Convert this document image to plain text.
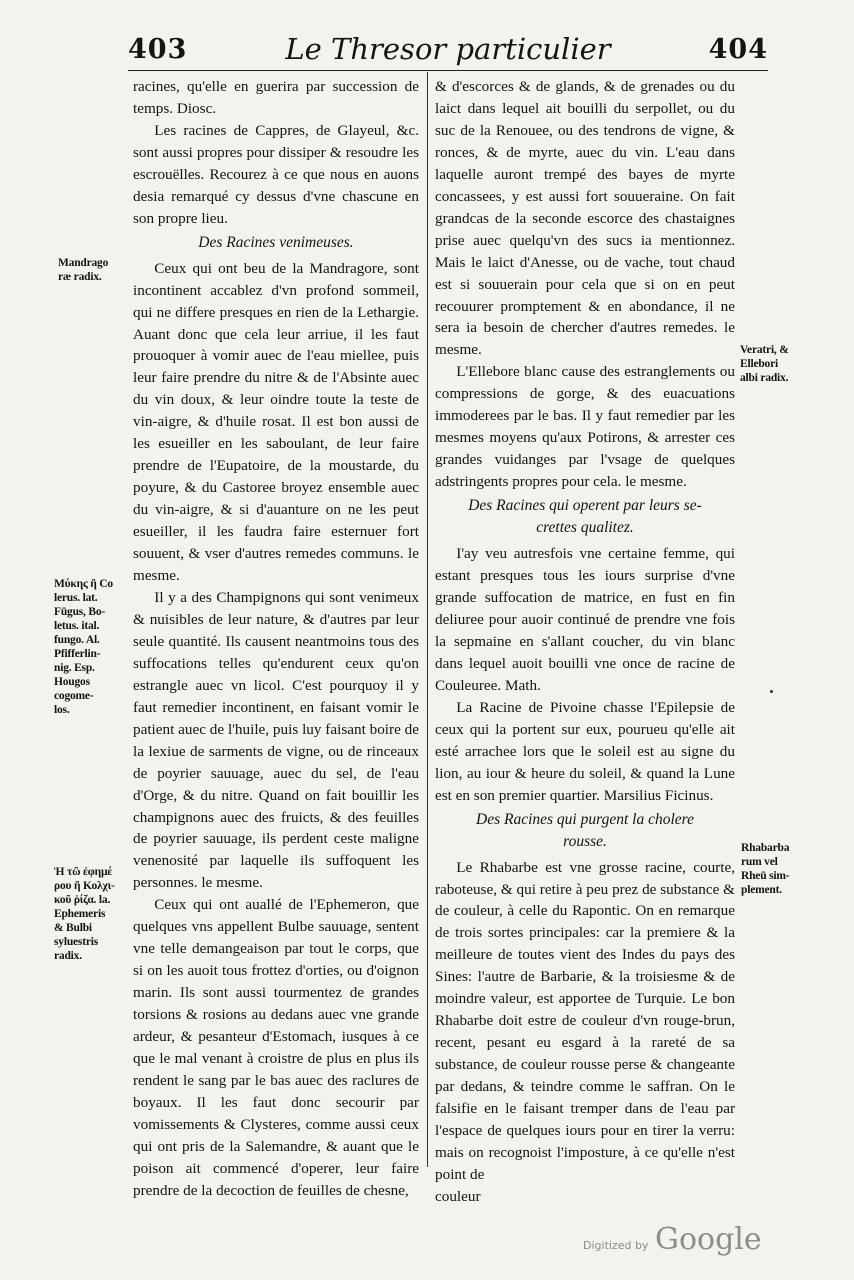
403	Le Thresor particulier	404

racines, qu'elle en guerira par succession de temps. Diosc.

Les racines de Cappres, de Glayeul, &c. sont aussi propres pour dissiper & resoudre les escrouëlles. Recourez à ce que nous en auons desia remarqué cy dessus d'vne chascune en son propre lieu.

Des Racines venimeuses.

Ceux qui ont beu de la Mandragore, sont incontinent accablez d'vn profond sommeil, qui ne differe presques en rien de la Lethargie. Auant donc que cela leur arriue, il les faut prouoquer à vomir auec de l'eau miellee, puis leur faire prendre du nitre & de l'Absinte auec du vin doux, & leur oindre toute la teste de vin-aigre, & d'huile rosat. Il est bon aussi de les esueiller en les saboulant, de leur faire prendre de l'Eupatoire, de la moustarde, du poyure, & du Castoree broyez ensemble auec du vin-aigre, & si d'auanture on ne les peut esueiller, il les faudra faire esternuer fort souuent, & vser d'autres remedes communs. le mesme.

Il y a des Champignons qui sont venimeux & nuisibles de leur nature, & d'autres par leur seule quantité. Ils causent neantmoins tous des suffocations telles qu'endurent ceux qu'on estrangle auec vn licol. C'est pourquoy il y faut remedier incontinent, en faisant vomir le patient auec de l'huile, puis luy faisant boire de la lexiue de sarments de vigne, ou de rinceaux de poyrier sauuage, auec du sel, de l'eau d'Orge, & du nitre. Quand on fait bouillir les champignons auec des fruicts, & des feuilles de poyrier sauuage, ils perdent ceste maligne venenosité par laquelle ils suffoquent les personnes. le mesme.

Ceux qui ont auallé de l'Ephemeron, que quelques vns appellent Bulbe sauuage, sentent vne telle demangeaison par tout le corps, que si on les auoit tous frottez d'orties, ou d'oignon marin. Ils sont aussi tourmentez de grandes torsions & rosions au dedans auec vne grande ardeur, & pesanteur d'Estomach, iusques à ce que le mal venant à croistre de plus en plus ils rendent le sang par le bas auec des raclures de boyaux. Il les faut donc secourir par vomissements & Clysteres, comme aussi ceux qui ont pris de la Salemandre, & auant que le poison ait commencé d'operer, leur faire prendre de la decoction de feuilles de chesne,

& d'escorces & de glands, & de grenades ou du laict dans lequel ait bouilli du serpollet, ou du suc de la Renouee, ou des tendrons de vigne, & ronces, & de myrte, auec du vin. L'eau dans laquelle auront trempé des bayes de myrte concassees, y est aussi fort souueraine. On fait grandcas de la seconde escorce des chastaignes prise auec quelqu'vn des sucs ia mentionnez. Mais le laict d'Anesse, ou de vache, tout chaud est si souuerain pour cela que si on en peut recouurer promptement & en abondance, il ne sera ia besoin de chercher d'autres remedes. le mesme.

L'Ellebore blanc cause des estranglements ou compressions de gorge, & des euacuations immoderees par le bas. Il y faut remedier par les mesmes moyens qu'aux Potirons, & arrester ces grandes vuidanges par l'vsage de quelques adstringents propres pour cela. le mesme.

Des Racines qui operent par leurs se-
crettes qualitez.

I'ay veu autresfois vne certaine femme, qui estant presques tous les iours surprise d'vne grande suffocation de matrice, en fust en fin deliuree pour auoir continué de prendre vne fois la sepmaine en s'allant coucher, du vin blanc dans lequel auoit bouilli vne once de racine de Couleuree. Math.

La Racine de Pivoine chasse l'Epilepsie de ceux qui la portent sur eux, pourueu qu'elle ait esté arrachee lors que le soleil est au signe du lion, au iour & heure du soleil, & quand la Lune est en son premier quartier. Marsilius Ficinus.

Des Racines qui purgent la cholere
rousse.

Le Rhabarbe est vne grosse racine, courte, raboteuse, & qui retire à peu prez de substance & de couleur, à celle du Rapontic. On en remarque de trois sortes principales: car la premiere & la meilleure de toutes vient des Indes du pays des Sines: l'autre de Barbarie, & la troisiesme & de moindre valeur, est apportee de Turquie. Le bon Rhabarbe doit estre de couleur d'vn rouge-brun, recent, pesant eu esgard à la rareté de sa substance, de couleur rousse perse & changeante par dedans, & teindre comme le saffran. On le falsifie en le faisant tremper dans de l'eau par l'espace de quelques iours pour en tirer la verru: mais on recognoist l'imposture, à ce qu'elle n'est point de

couleur

Mandrago
ræ radix.
Μύκης ἢ Co
lerus. lat.
Fūgus, Bo-
letus. ital.
fungo. Al.
Pfifferlin-
nig. Esp.
Hougos
cogome-
los.
Ἡ τῶ ἐφημέ
ρου ἢ Κολχι-
κοῦ ῥίζα. la.
Ephemeris
& Bulbi
syluestris
radix.
Veratri, &
Ellebori
albi radix.
Rhabarba
rum vel
Rheū sim-
plement.
Digitized by Google
